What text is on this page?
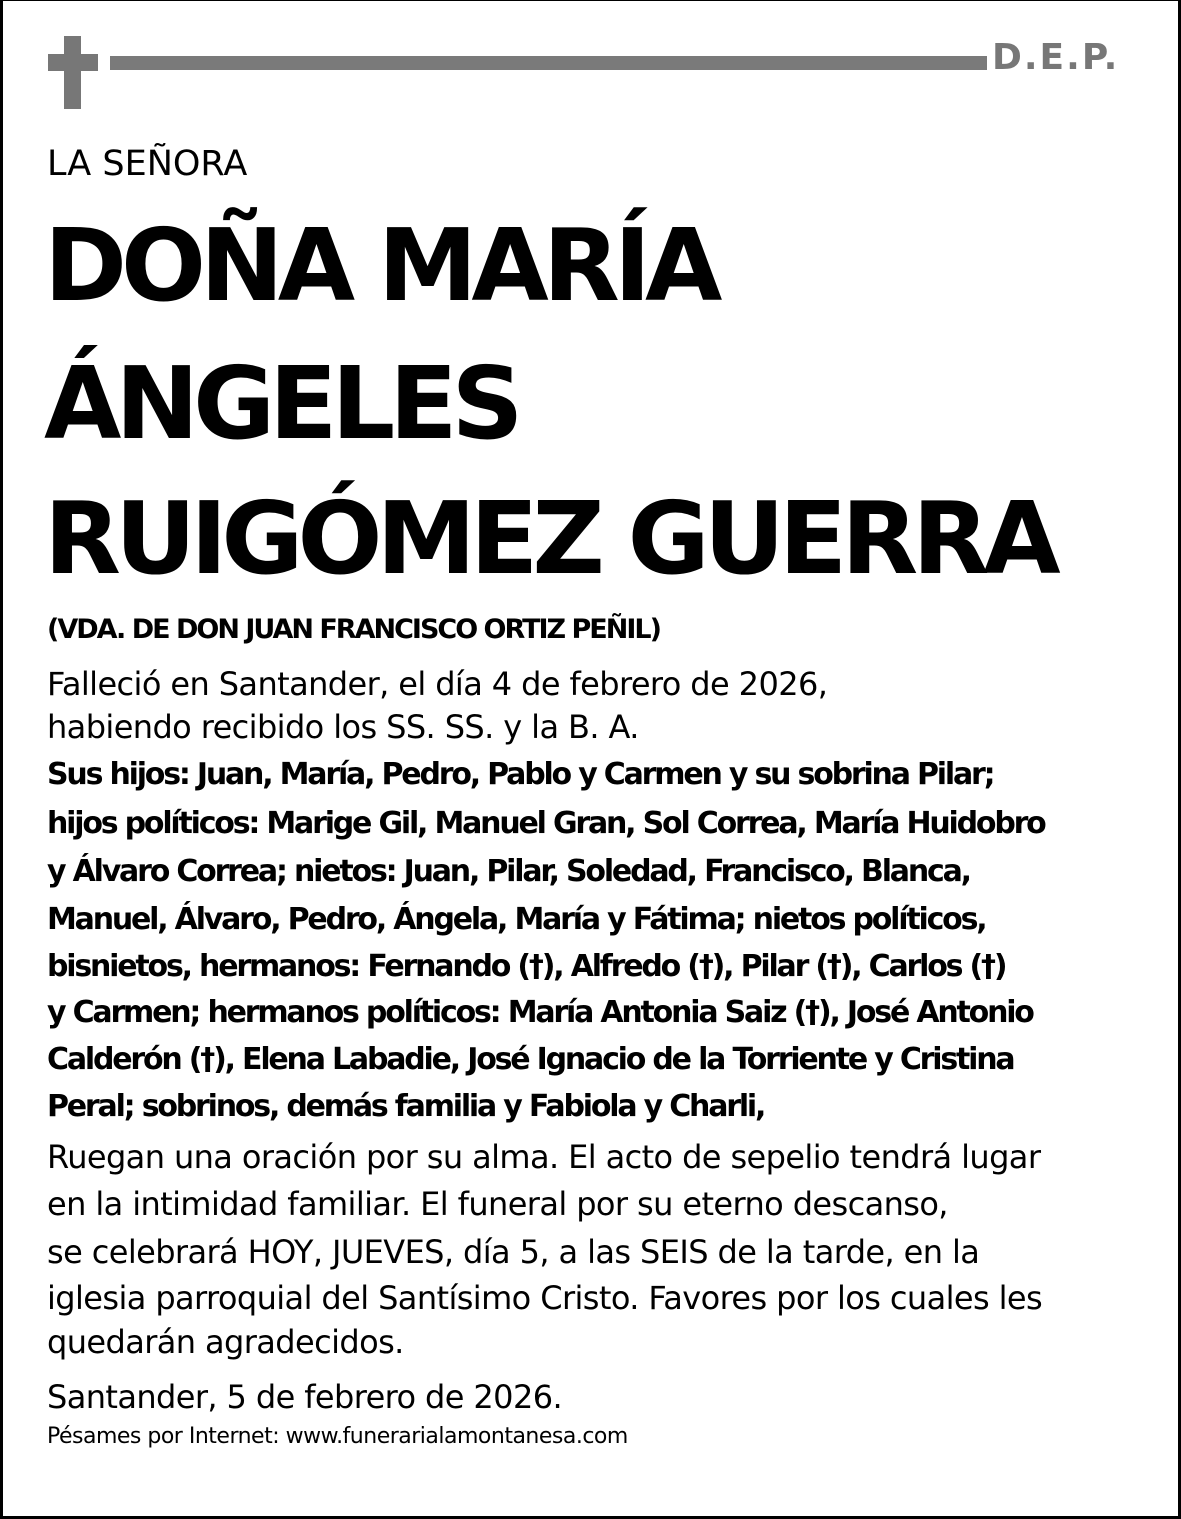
D.E.P.
LA SEÑORA
DOÑA MARÍA
ÁNGELES
RUIGÓMEZ GUERRA
(VDA. DE DON JUAN FRANCISCO ORTIZ PEÑIL)
Falleció en Santander, el día 4 de febrero de 2026,
habiendo recibido los SS. SS. y la B. A.
Sus hijos: Juan, María, Pedro, Pablo y Carmen y su sobrina Pilar;
hijos políticos: Marige Gil, Manuel Gran, Sol Correa, María Huidobro
y Álvaro Correa; nietos: Juan, Pilar, Soledad, Francisco, Blanca,
Manuel, Álvaro, Pedro, Ángela, María y Fátima; nietos políticos,
bisnietos, hermanos: Fernando (†), Alfredo (†), Pilar (†), Carlos (†)
y Carmen; hermanos políticos: María Antonia Saiz (†), José Antonio
Calderón (†), Elena Labadie, José Ignacio de la Torriente y Cristina
Peral; sobrinos, demás familia y Fabiola y Charli,
Ruegan una oración por su alma. El acto de sepelio tendrá lugar
en la intimidad familiar. El funeral por su eterno descanso,
se celebrará HOY, JUEVES, día 5, a las SEIS de la tarde, en la
iglesia parroquial del Santísimo Cristo. Favores por los cuales les
quedarán agradecidos.
Santander, 5 de febrero de 2026.
Pésames por Internet: www.funerarialamontanesa.com
